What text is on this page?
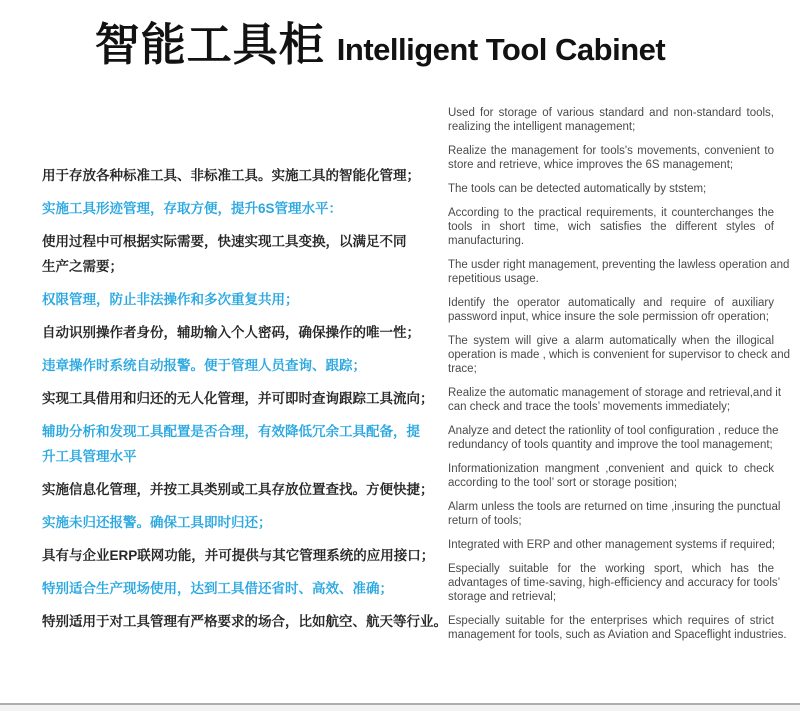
智能工具柜 Intelligent Tool Cabinet
用于存放各种标准工具、非标准工具。实施工具的智能化管理；
实施工具形迹管理，存取方便，提升6S管理水平：
使用过程中可根据实际需要，快速实现工具变换，以满足不同
生产之需要；
权限管理，防止非法操作和多次重复共用；
自动识别操作者身份，辅助输入个人密码，确保操作的唯一性；
违章操作时系统自动报警。便于管理人员查询、跟踪；
实现工具借用和归还的无人化管理，并可即时查询跟踪工具流向；
辅助分析和发现工具配置是否合理，有效降低冗余工具配备，提
升工具管理水平
实施信息化管理，并按工具类别或工具存放位置查找。方便快捷；
实施未归还报警。确保工具即时归还；
具有与企业ERP联网功能，并可提供与其它管理系统的应用接口；
特别适合生产现场使用，达到工具借还省时、高效、准确；
特别适用于对工具管理有严格要求的场合，比如航空、航天等行业。
Used for storage of various standard and non-standard tools,
realizing the intelligent management;
Realize the management for tools's movements, convenient to
store and retrieve, whice improves the 6S management;
The tools can be detected automatically by ststem;
According to the practical requirements, it counterchanges the
tools in short time, wich satisfies the different styles of
manufacturing.
The usder right management, preventing the lawless operation and
repetitious usage.
Identify the operator automatically and require of auxiliary
password input, whice insure the sole permission ofr operation;
The system will give a alarm automatically when the illogical
operation is made , which is convenient for supervisor to check and
trace;
Realize the automatic management of storage and retrieval,and it
can check and trace the tools’ movements immediately;
Analyze and detect the rationlity of tool configuration , reduce the
redundancy of tools quantity and improve the tool management;
Informationization mangment ,convenient and quick to check
according to the tool’ sort or storage position;
Alarm unless the tools are returned on time ,insuring the punctual
return of tools;
Integrated with ERP and other management systems if required;
Especially suitable for the working sport, which has the
advantages of time-saving, high-efficiency and accuracy for tools’
storage and retrieval;
Especially suitable for the enterprises which requires of strict
management for tools, such as Aviation and Spaceflight industries.
